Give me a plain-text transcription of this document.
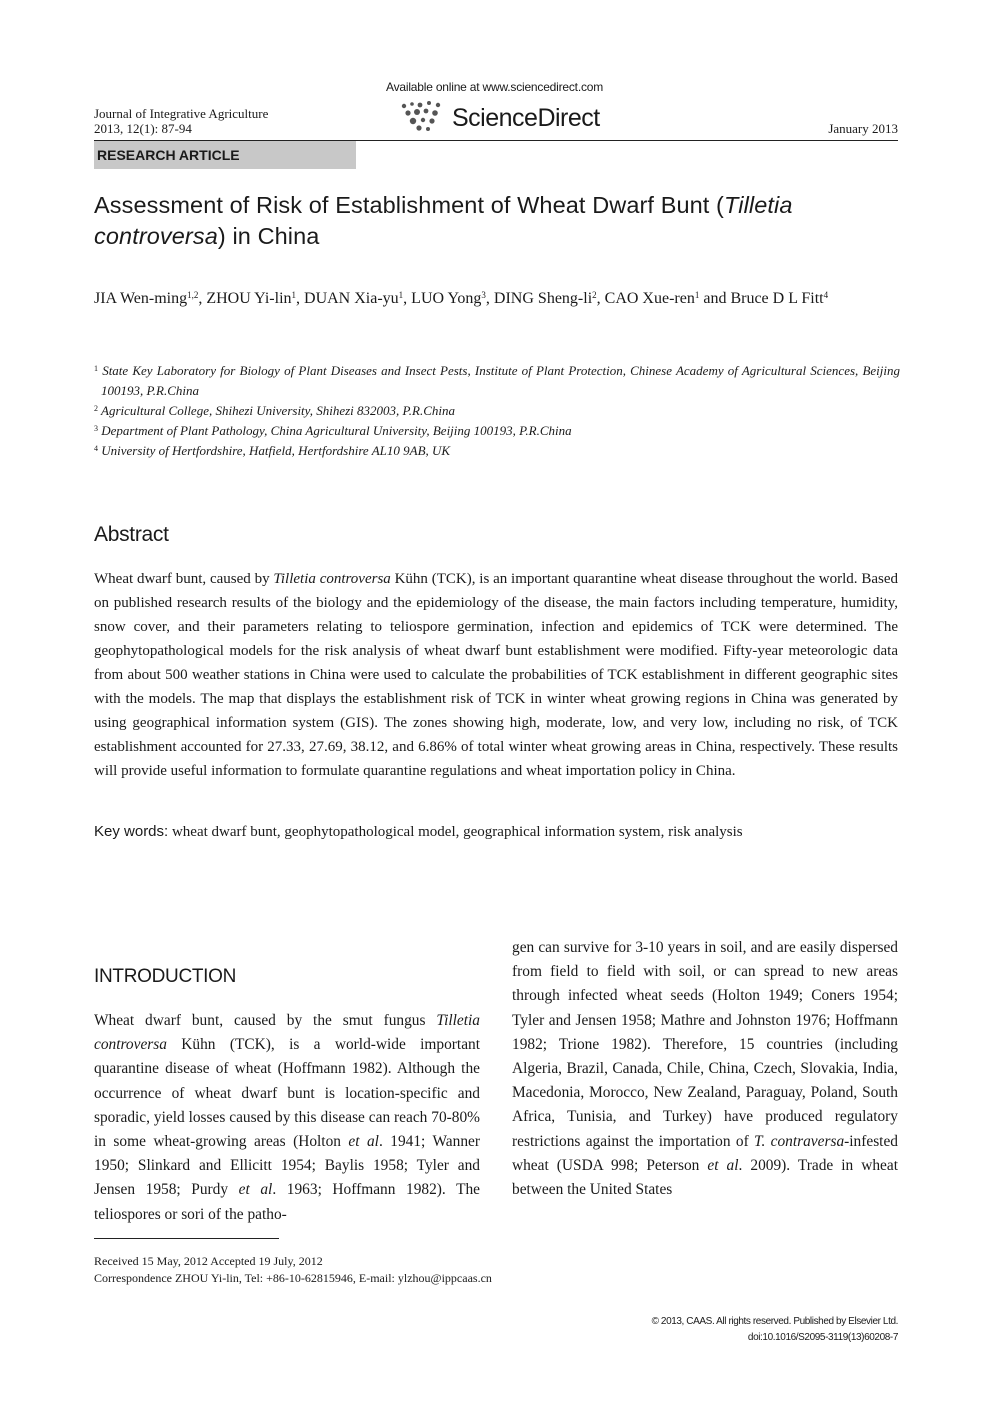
Journal of Integrative Agriculture
2013, 12(1): 87-94
Available online at www.sciencedirect.com
ScienceDirect	January 2013
RESEARCH ARTICLE
Assessment of Risk of Establishment of Wheat Dwarf Bunt (Tilletia controversa) in China
JIA Wen-ming$^{1,2}$, ZHOU Yi-lin$^1$, DUAN Xia-$yu^1$, LUO Yong$^3$, DING Sheng-$li^2$, CAO Xue-ren$^1$ and Bruce D L Fitt$^4$
$^1$ State Key Laboratory for Biology of Plant Diseases and Insect Pests, Institute of Plant Protection, Chinese Academy of Agricultural Sciences, Beijing 100193, P.R.China
$^2$ Agricultural College, Shihezi University, Shihezi 832003, P.R.China
$^3$ Department of Plant Pathology, China Agricultural University, Beijing 100193, P.R.China
$^4$ University of Hertfordshire, Hatfield, Hertfordshire AL10 9AB, UK
Abstract
Wheat dwarf bunt, caused by Tilletia controversa Kühn (TCK), is an important quarantine wheat disease throughout the world. Based on published research results of the biology and the epidemiology of the disease, the main factors including temperature, humidity, snow cover, and their parameters relating to teliospore germination, infection and epidemics of TCK were determined. The geophytopathological models for the risk analysis of wheat dwarf bunt establishment were modified. Fifty-year meteorologic data from about 500 weather stations in China were used to calculate the probabilities of TCK establishment in different geographic sites with the models. The map that displays the establishment risk of TCK in winter wheat growing regions in China was generated by using geographical information system (GIS). The zones showing high, moderate, low, and very low, including no risk, of TCK establishment accounted for 27.33, 27.69, 38.12, and 6.86% of total winter wheat growing areas in China, respectively. These results will provide useful information to formulate quarantine regulations and wheat importation policy in China.
Key words: wheat dwarf bunt, geophytopathological model, geographical information system, risk analysis
INTRODUCTION
Wheat dwarf bunt, caused by the smut fungus Tilletia controversa Kühn (TCK), is a world-wide important quarantine disease of wheat (Hoffmann 1982). Although the occurrence of wheat dwarf bunt is location-specific and sporadic, yield losses caused by this disease can reach 70-80% in some wheat-growing areas (Holton et al. 1941; Wanner 1950; Slinkard and Ellicitt 1954; Baylis 1958; Tyler and Jensen 1958; Purdy et al. 1963; Hoffmann 1982). The teliospores or sori of the patho-
gen can survive for 3-10 years in soil, and are easily dispersed from field to field with soil, or can spread to new areas through infected wheat seeds (Holton 1949; Coners 1954; Tyler and Jensen 1958; Mathre and Johnston 1976; Hoffmann 1982; Trione 1982). Therefore, 15 countries (including Algeria, Brazil, Canada, Chile, China, Czech, Slovakia, India, Macedonia, Morocco, New Zealand, Paraguay, Poland, South Africa, Tunisia, and Turkey) have produced regulatory restrictions against the importation of T. contraversa-infested wheat (USDA 998; Peterson et al. 2009). Trade in wheat between the United States
Received 15 May, 2012 Accepted 19 July, 2012
Correspondence ZHOU Yi-lin, Tel: +86-10-62815946, E-mail: ylzhou@ippcaas.cn
© 2013, CAAS. All rights reserved. Published by Elsevier Ltd.
doi:10.1016/S2095-3119(13)60208-7
